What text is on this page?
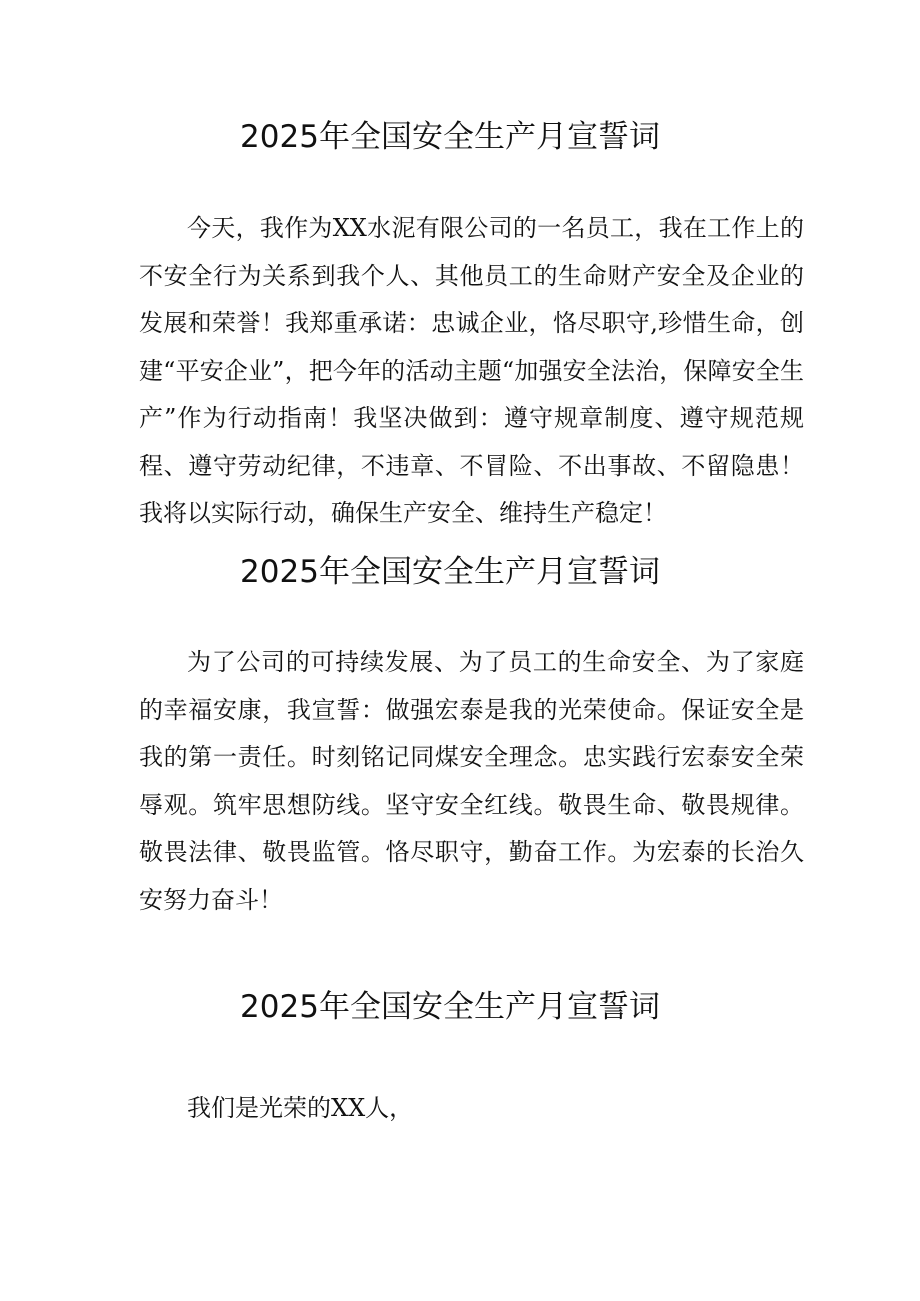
2025年全国安全生产月宣誓词

今天，我作为XX水泥有限公司的一名员工，我在工作上的不安全行为关系到我个人、其他员工的生命财产安全及企业的发展和荣誉！我郑重承诺：忠诚企业，恪尽职守,珍惜生命，创建“平安企业”，把今年的活动主题“加强安全法治，保障安全生产”作为行动指南！我坚决做到：遵守规章制度、遵守规范规程、遵守劳动纪律，不违章、不冒险、不出事故、不留隐患！我将以实际行动，确保生产安全、维持生产稳定！

2025年全国安全生产月宣誓词

为了公司的可持续发展、为了员工的生命安全、为了家庭的幸福安康，我宣誓：做强宏泰是我的光荣使命。保证安全是我的第一责任。时刻铭记同煤安全理念。忠实践行宏泰安全荣辱观。筑牢思想防线。坚守安全红线。敬畏生命、敬畏规律。敬畏法律、敬畏监管。恪尽职守，勤奋工作。为宏泰的长治久安努力奋斗！

2025年全国安全生产月宣誓词

我们是光荣的XX人，
